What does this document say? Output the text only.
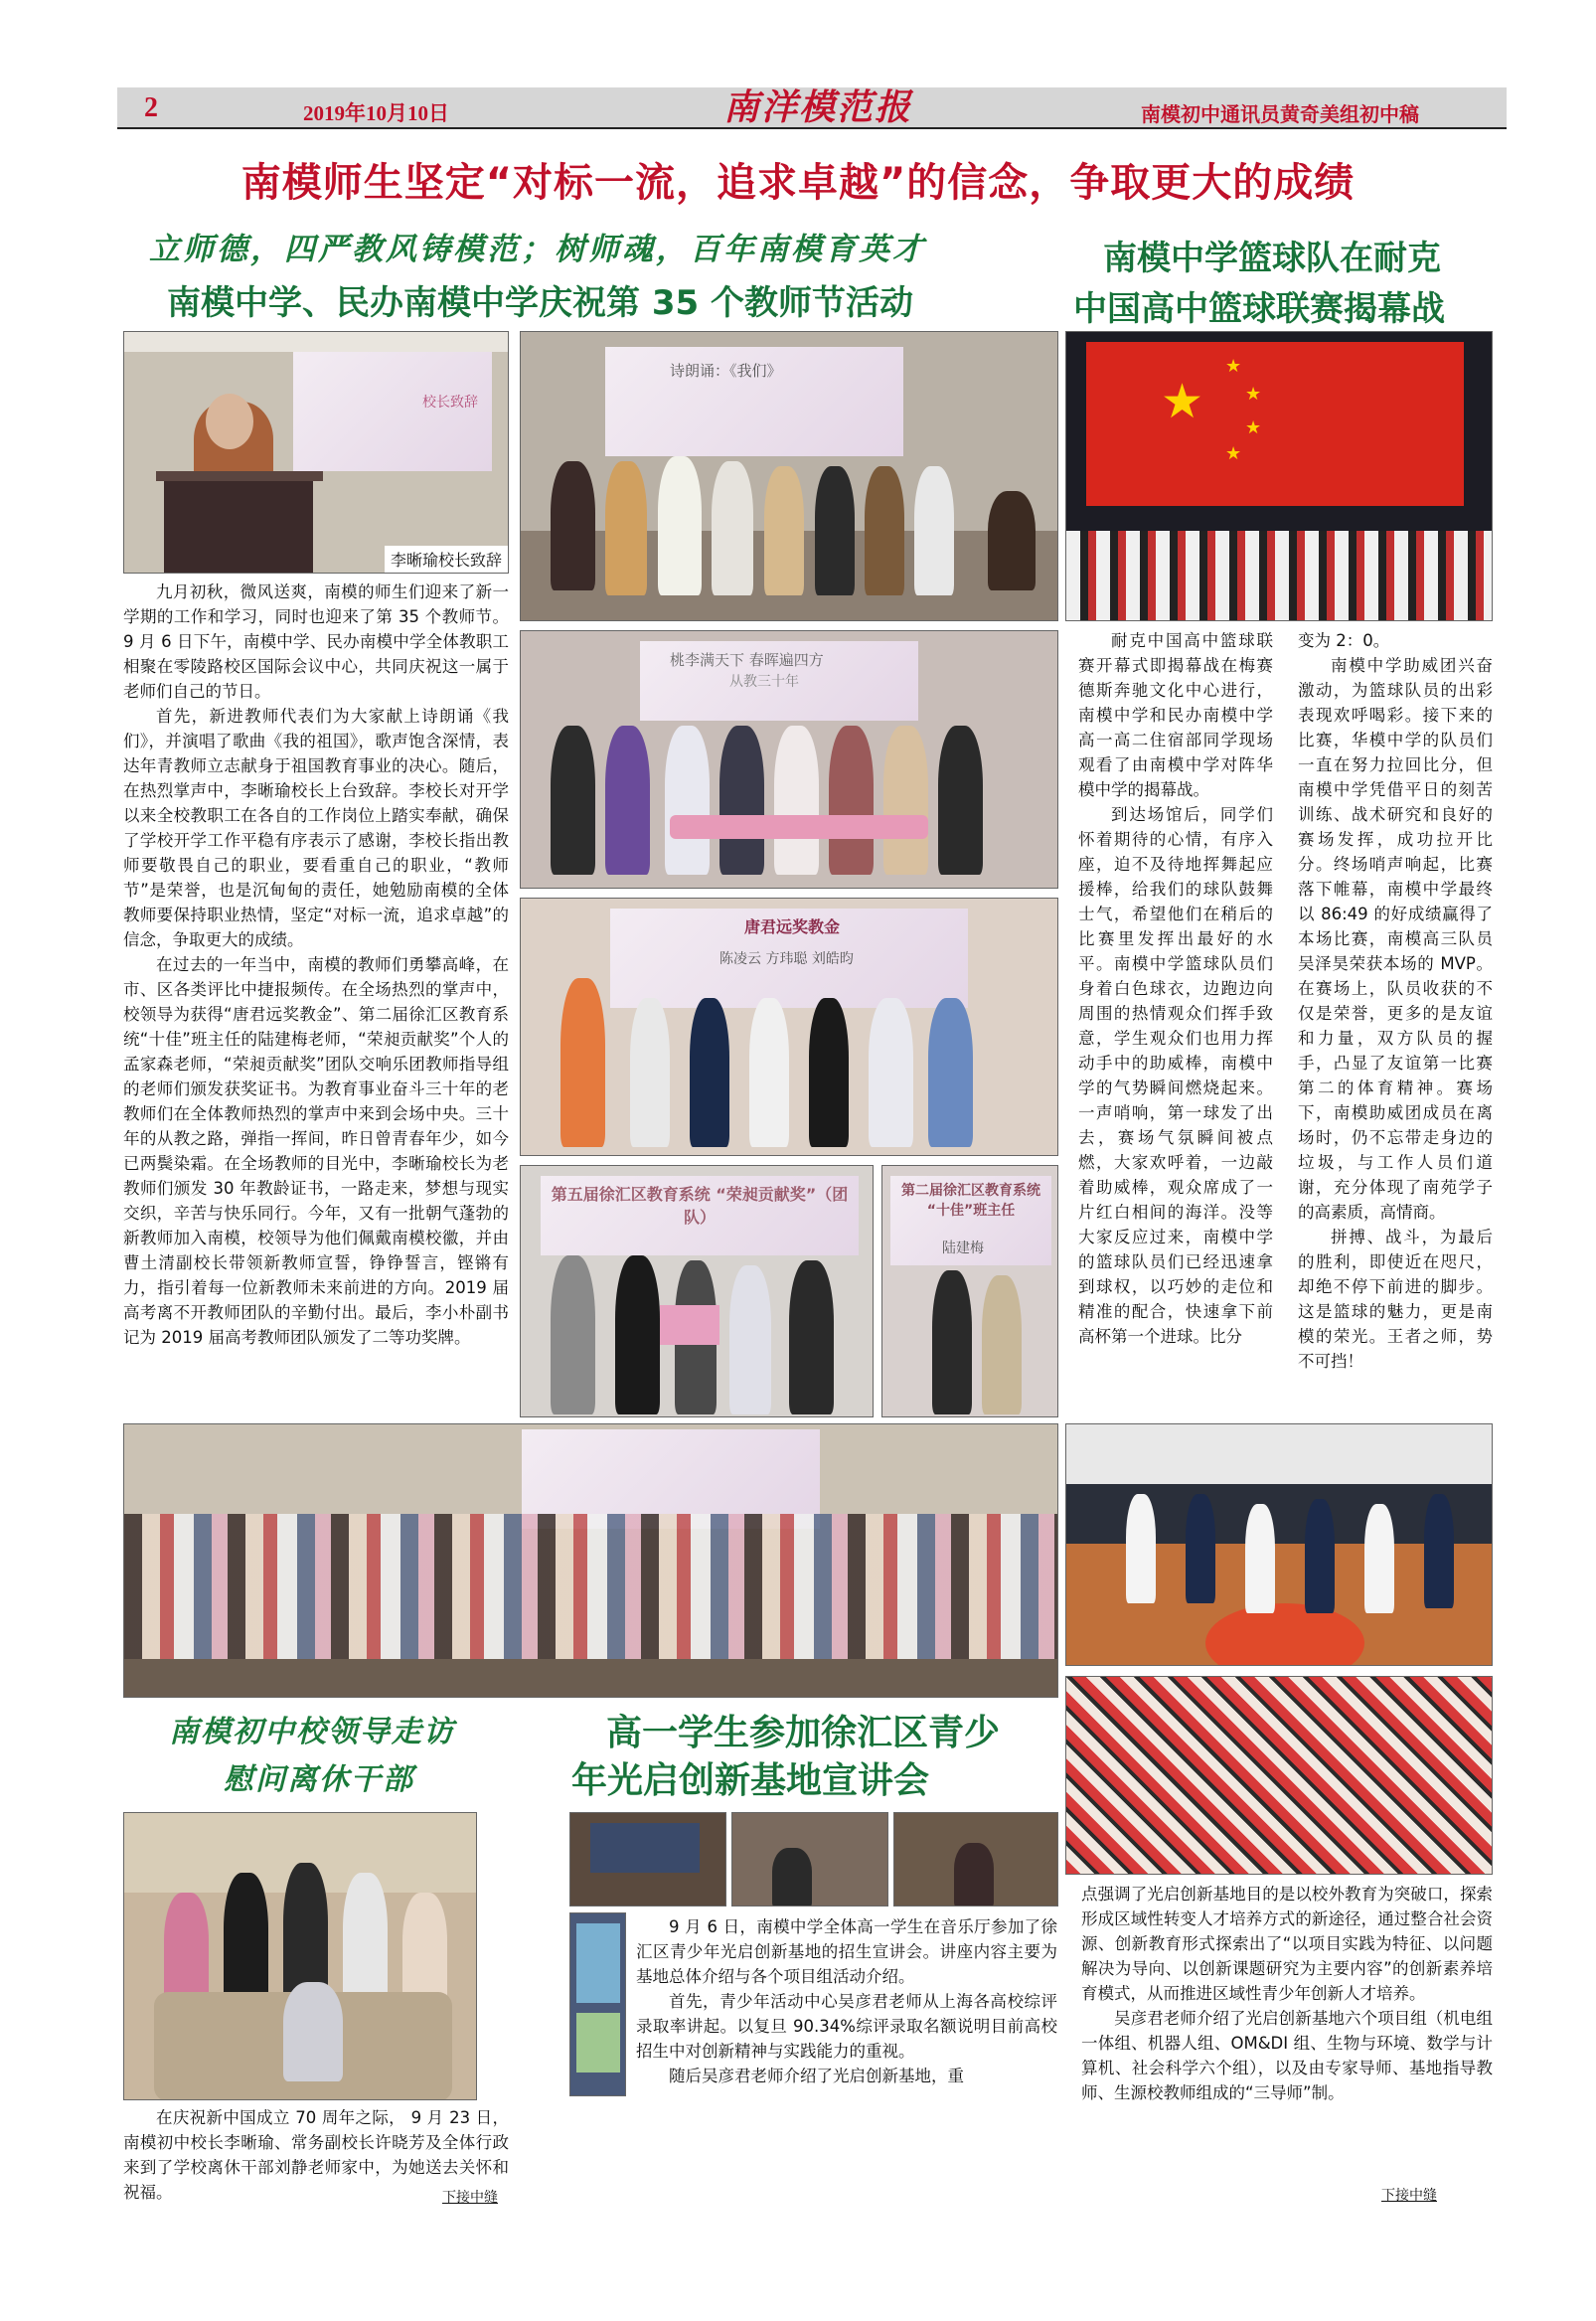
2	2019年10月10日	南洋模范报	南模初中通讯员黄奇美组初中稿
南模师生坚定“对标一流，追求卓越”的信念，争取更大的成绩
立师德，四严教风铸模范；树师魂，百年南模育英才
南模中学、民办南模中学庆祝第 35 个教师节活动
南模中学篮球队在耐克
中国高中篮球联赛揭幕战
校长致辞
李晰瑜校长致辞
诗朗诵：《我们》
桃李满天下 春晖遍四方
从教三十年
唐君远奖教金
陈凌云 方玮聪 刘皓昀
第五届徐汇区教育系统 “荣昶贡献奖”（团队）
第二届徐汇区教育系统 “十佳”班主任
陆建梅
★
★
★
★
★

九月初秋，微风送爽，南模的师生们迎来了新一学期的工作和学习，同时也迎来了第 35 个教师节。9 月 6 日下午，南模中学、民办南模中学全体教职工相聚在零陵路校区国际会议中心，共同庆祝这一属于老师们自己的节日。

首先，新进教师代表们为大家献上诗朗诵《我们》，并演唱了歌曲《我的祖国》，歌声饱含深情，表达年青教师立志献身于祖国教育事业的决心。随后，在热烈掌声中，李晰瑜校长上台致辞。李校长对开学以来全校教职工在各自的工作岗位上踏实奉献，确保了学校开学工作平稳有序表示了感谢，李校长指出教师要敬畏自己的职业，要看重自己的职业，“教师节”是荣誉，也是沉甸甸的责任，她勉励南模的全体教师要保持职业热情，坚定“对标一流，追求卓越”的信念，争取更大的成绩。

在过去的一年当中，南模的教师们勇攀高峰，在市、区各类评比中捷报频传。在全场热烈的掌声中，校领导为获得“唐君远奖教金”、第二届徐汇区教育系统“十佳”班主任的陆建梅老师，“荣昶贡献奖”个人的孟家森老师，“荣昶贡献奖”团队交响乐团教师指导组的老师们颁发获奖证书。为教育事业奋斗三十年的老教师们在全体教师热烈的掌声中来到会场中央。三十年的从教之路，弹指一挥间，昨日曾青春年少，如今已两鬓染霜。在全场教师的目光中，李晰瑜校长为老教师们颁发 30 年教龄证书，一路走来，梦想与现实交织，辛苦与快乐同行。今年，又有一批朝气蓬勃的新教师加入南模，校领导为他们佩戴南模校徽，并由曹土清副校长带领新教师宣誓，铮铮誓言，铿锵有力，指引着每一位新教师未来前进的方向。2019 届高考离不开教师团队的辛勤付出。最后，李小朴副书记为 2019 届高考教师团队颁发了二等功奖牌。

耐克中国高中篮球联赛开幕式即揭幕战在梅赛德斯奔驰文化中心进行，南模中学和民办南模中学高一高二住宿部同学现场观看了由南模中学对阵华模中学的揭幕战。

到达场馆后，同学们怀着期待的心情，有序入座，迫不及待地挥舞起应援棒，给我们的球队鼓舞士气，希望他们在稍后的比赛里发挥出最好的水平。南模中学篮球队员们身着白色球衣，边跑边向周围的热情观众们挥手致意，学生观众们也用力挥动手中的助威棒，南模中学的气势瞬间燃烧起来。一声哨响，第一球发了出去，赛场气氛瞬间被点燃，大家欢呼着，一边敲着助威棒，观众席成了一片红白相间的海洋。没等大家反应过来，南模中学的篮球队员们已经迅速拿到球权，以巧妙的走位和精准的配合，快速拿下前高杯第一个进球。比分

变为 2：0。

南模中学助威团兴奋激动，为篮球队员的出彩表现欢呼喝彩。接下来的比赛，华模中学的队员们一直在努力拉回比分，但南模中学凭借平日的刻苦训练、战术研究和良好的赛场发挥，成功拉开比分。终场哨声响起，比赛落下帷幕，南模中学最终以 86:49 的好成绩赢得了本场比赛，南模高三队员吴泽昊荣获本场的 MVP。在赛场上，队员收获的不仅是荣誉，更多的是友谊和力量，双方队员的握手，凸显了友谊第一比赛第二的体育精神。赛场下，南模助威团成员在离场时，仍不忘带走身边的垃圾，与工作人员们道谢，充分体现了南苑学子的高素质，高情商。

拼搏、战斗，为最后的胜利，即使近在咫尺，却绝不停下前进的脚步。这是篮球的魅力，更是南模的荣光。王者之师，势不可挡！

南模初中校领导走访
慰问离休干部

在庆祝新中国成立 70 周年之际， 9 月 23 日，南模初中校长李晰瑜、常务副校长许晓芳及全体行政来到了学校离休干部刘静老师家中，为她送去关怀和祝福。	下接中缝
高一学生参加徐汇区青少
年光启创新基地宣讲会

9 月 6 日，南模中学全体高一学生在音乐厅参加了徐汇区青少年光启创新基地的招生宣讲会。讲座内容主要为基地总体介绍与各个项目组活动介绍。

首先，青少年活动中心吴彦君老师从上海各高校综评录取率讲起。以复旦 90.34%综评录取名额说明目前高校招生中对创新精神与实践能力的重视。

随后吴彦君老师介绍了光启创新基地，重

点强调了光启创新基地目的是以校外教育为突破口，探索形成区域性转变人才培养方式的新途径，通过整合社会资源、创新教育形式探索出了“以项目实践为特征、以问题解决为导向、以创新课题研究为主要内容”的创新素养培育模式，从而推进区域性青少年创新人才培养。

吴彦君老师介绍了光启创新基地六个项目组（机电组一体组、机器人组、OM&DI 组、生物与环境、数学与计算机、社会科学六个组），以及由专家导师、基地指导教师、生源校教师组成的“三导师”制。

下接中缝
